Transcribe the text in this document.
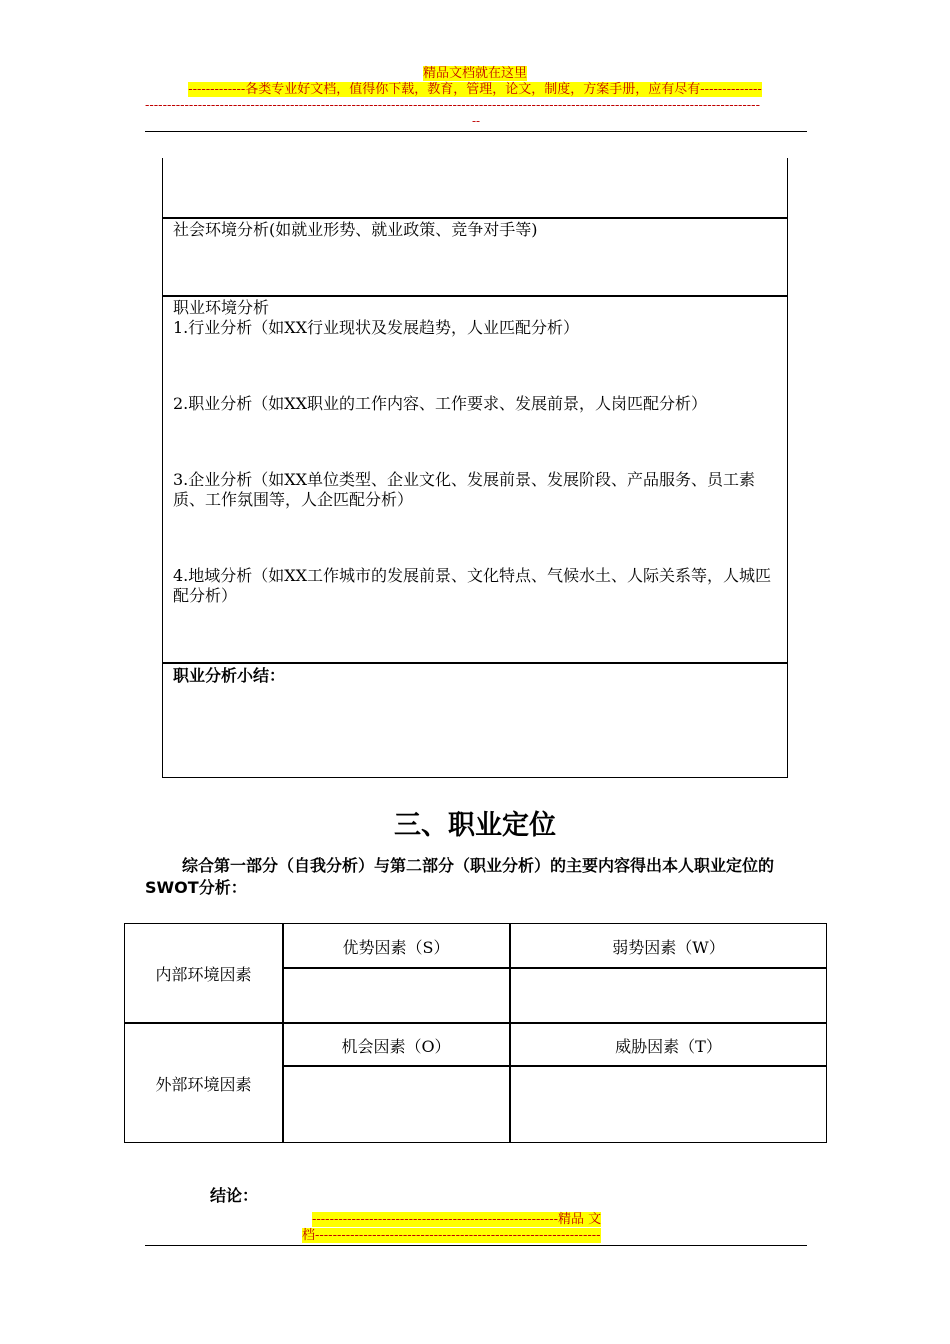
精品文档就在这里
-------------各类专业好文档，值得你下载，教育，管理，论文，制度，方案手册，应有尽有--------------
--------------------------------------------------------------------------------------------------------------------------------------------
--
社会环境分析(如就业形势、就业政策、竞争对手等)
职业环境分析
1.行业分析（如XX行业现状及发展趋势，人业匹配分析）
2.职业分析（如XX职业的工作内容、工作要求、发展前景，人岗匹配分析）
3.企业分析（如XX单位类型、企业文化、发展前景、发展阶段、产品服务、员工素质、工作氛围等，人企匹配分析）
4.地域分析（如XX工作城市的发展前景、文化特点、气候水土、人际关系等，人城匹配分析）
职业分析小结：
三、职业定位
综合第一部分（自我分析）与第二部分（职业分析）的主要内容得出本人职业定位的SWOT分析：
内部环境因素
外部环境因素
优势因素（S）	弱势因素（W）
机会因素（O）	威胁因素（T）
结论：
--------------------------------------------------------精品 文
档-----------------------------------------------------------------
